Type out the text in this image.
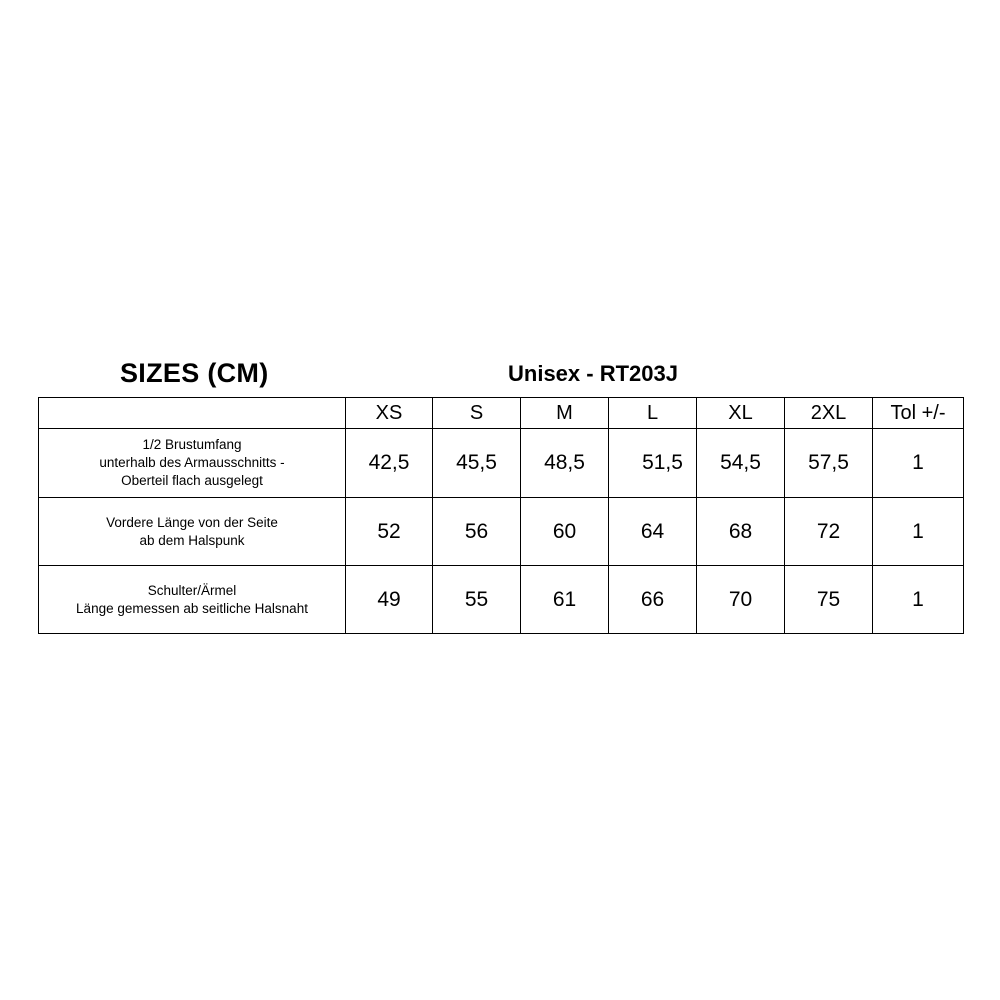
SIZES (CM)	Unisex - RT203J
	XS	S	M	L	XL	2XL	Tol +/-

1/2 Brustumfang
unterhalb des Armausschnitts -
Oberteil flach ausgelegt	42,5	45,5	48,5	51,5	54,5	57,5	1

Vordere Länge von der Seite
ab dem Halspunk	52	56	60	64	68	72	1

Schulter/Ärmel
Länge gemessen ab seitliche Halsnaht	49	55	61	66	70	75	1
